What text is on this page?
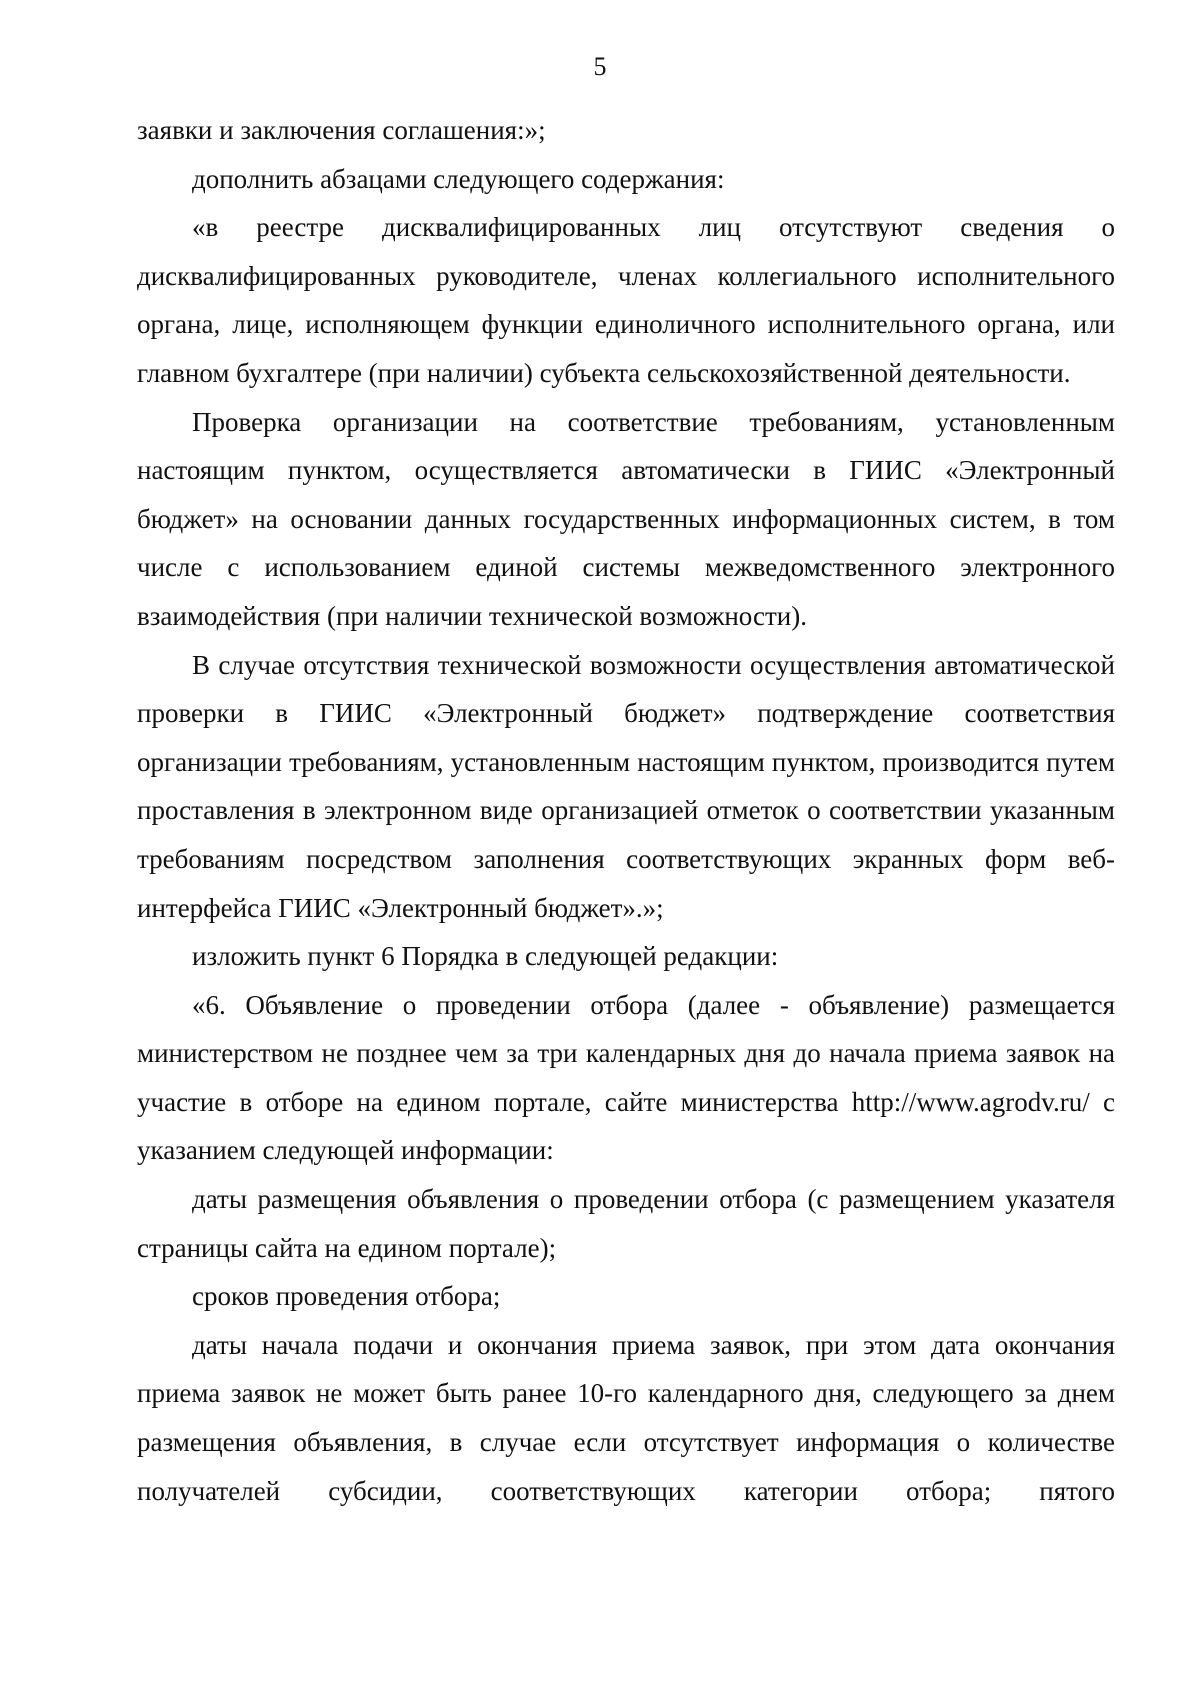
5

заявки и заключения соглашения:»;

дополнить абзацами следующего содержания:

«в реестре дисквалифицированных лиц отсутствуют сведения о дисквалифицированных руководителе, членах коллегиального исполнительного органа, лице, исполняющем функции единоличного исполнительного органа, или главном бухгалтере (при наличии) субъекта сельскохозяйственной деятельности.

Проверка организации на соответствие требованиям, установленным настоящим пунктом, осуществляется автоматически в ГИИС «Электронный бюджет» на основании данных государственных информационных систем, в том числе с использованием единой системы межведомственного электронного взаимодействия (при наличии технической возможности).

В случае отсутствия технической возможности осуществления автоматической проверки в ГИИС «Электронный бюджет» подтверждение соответствия организации требованиям, установленным настоящим пунктом, производится путем проставления в электронном виде организацией отметок о соответствии указанным требованиям посредством заполнения соответствующих экранных форм веб-интерфейса ГИИС «Электронный бюджет».»;

изложить пункт 6 Порядка в следующей редакции:

«6. Объявление о проведении отбора (далее - объявление) размещается министерством не позднее чем за три календарных дня до начала приема заявок на участие в отборе на едином портале, сайте министерства http://www.agrodv.ru/ с указанием следующей информации:

даты размещения объявления о проведении отбора (с размещением указателя страницы сайта на едином портале);

сроков проведения отбора;

даты начала подачи и окончания приема заявок, при этом дата окончания приема заявок не может быть ранее 10-го календарного дня, следующего за днем размещения объявления, в случае если отсутствует информация о количестве получателей субсидии, соответствующих категории отбора; пятого
